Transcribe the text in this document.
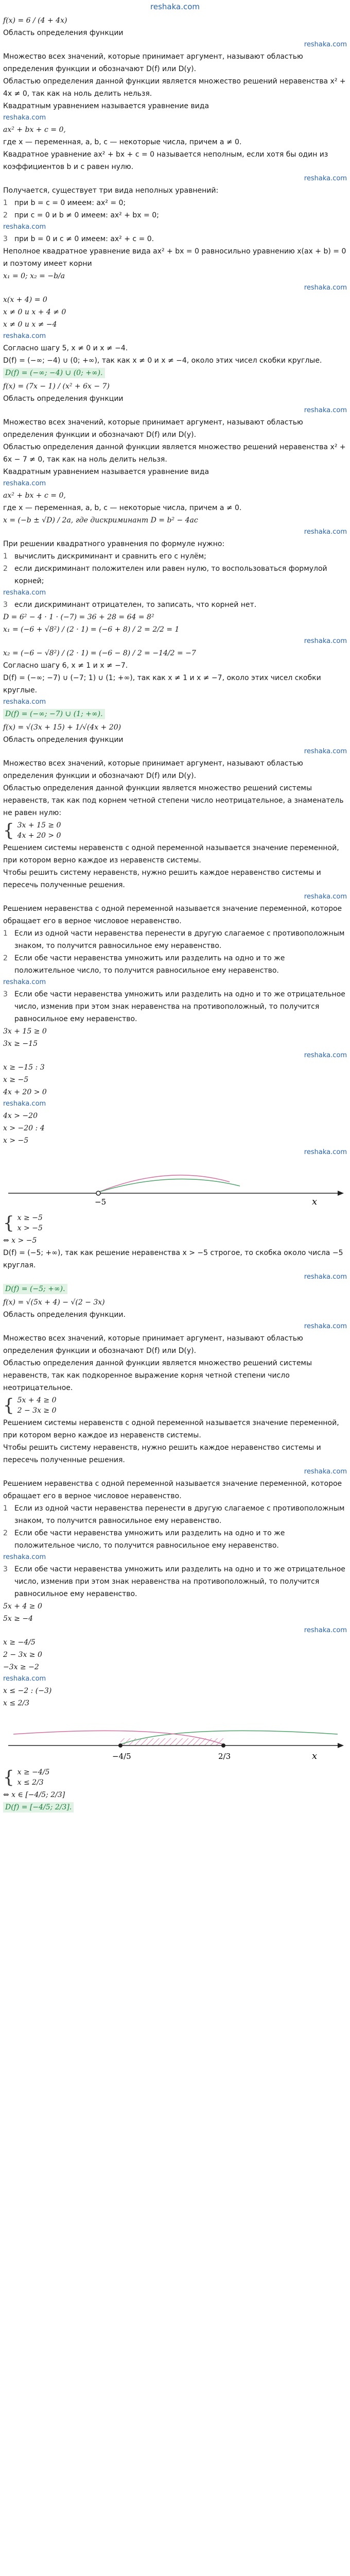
reshaka.com
f(x) = 6 / (4 + 4x)
Область определения функции
reshaka.com
Множество всех значений, которые принимает аргумент, называют областью определения функции и обозначают D(f) или D(y).
Областью определения данной функции является множество решений неравенства x² + 4x ≠ 0, так как на ноль делить нельзя.
Квадратным уравнением называется уравнение вида
reshaka.com
ax² + bx + c = 0,
где x — переменная, a, b, c — некоторые числа, причем a ≠ 0.
Квадратное уравнение ax² + bx + c = 0 называется неполным, если хотя бы один из коэффициентов b и c равен нулю.
reshaka.com
Получается, существует три вида неполных уравнений:
1 при b = c = 0 имеем: ax² = 0;
2 при c = 0 и b ≠ 0 имеем: ax² + bx = 0;
reshaka.com
3 при b = 0 и c ≠ 0 имеем: ax² + c = 0.
Неполное квадратное уравнение вида ax² + bx = 0 равносильно уравнению x(ax + b) = 0 и поэтому имеет корни
x₁ = 0; x₂ = −b/a
reshaka.com
x(x + 4) = 0
x ≠ 0 и x + 4 ≠ 0
x ≠ 0 и x ≠ −4
reshaka.com
Согласно шагу 5, x ≠ 0 и x ≠ −4.
D(f) = (−∞; −4) ∪ (0; +∞), так как x ≠ 0 и x ≠ −4, около этих чисел скобки круглые.
D(f) = (−∞; −4) ∪ (0; +∞).
f(x) = (7x − 1) / (x² + 6x − 7)
Область определения функции
reshaka.com
Множество всех значений, которые принимает аргумент, называют областью определения функции и обозначают D(f) или D(y).
Областью определения данной функции является множество решений неравенства x² + 6x − 7 ≠ 0, так как на ноль делить нельзя.
Квадратным уравнением называется уравнение вида
reshaka.com
ax² + bx + c = 0,
где x — переменная, a, b, c — некоторые числа, причем a ≠ 0.
x = (−b ± √D) / 2a, где дискриминант D = b² − 4ac
reshaka.com
При решении квадратного уравнения по формуле нужно:
1 вычислить дискриминант и сравнить его с нулём;
2 если дискриминант положителен или равен нулю, то воспользоваться формулой корней;
reshaka.com
3 если дискриминант отрицателен, то записать, что корней нет.
D = 6² − 4 · 1 · (−7) = 36 + 28 = 64 = 8²
x₁ = (−6 + √8²) / (2 · 1) = (−6 + 8) / 2 = 2/2 = 1
reshaka.com
x₂ = (−6 − √8²) / (2 · 1) = (−6 − 8) / 2 = −14/2 = −7
Согласно шагу 6, x ≠ 1 и x ≠ −7.
D(f) = (−∞; −7) ∪ (−7; 1) ∪ (1; +∞), так как x ≠ 1 и x ≠ −7, около этих чисел скобки круглые.
reshaka.com
D(f) = (−∞; −7) ∪ (1; +∞).
f(x) = √(3x + 15) + 1/√(4x + 20)
Область определения функции
reshaka.com
Множество всех значений, которые принимает аргумент, называют областью определения функции и обозначают D(f) или D(y).
Областью определения данной функции является множество решений системы неравенств, так как под корнем четной степени число неотрицательное, а знаменатель не равен нулю:
{ 3x + 15 ≥ 0
4x + 20 > 0
Решением системы неравенств с одной переменной называется значение переменной, при котором верно каждое из неравенств системы.
Чтобы решить систему неравенств, нужно решить каждое неравенство системы и пересечь полученные решения.
reshaka.com
Решением неравенства с одной переменной называется значение переменной, которое обращает его в верное числовое неравенство.
1 Если из одной части неравенства перенести в другую слагаемое с противоположным знаком, то получится равносильное ему неравенство.
2 Если обе части неравенства умножить или разделить на одно и то же положительное число, то получится равносильное ему неравенство.
reshaka.com
3 Если обе части неравенства умножить или разделить на одно и то же отрицательное число, изменив при этом знак неравенства на противоположный, то получится равносильное ему неравенство.
3x + 15 ≥ 0
3x ≥ −15
reshaka.com
x ≥ −15 : 3
x ≥ −5
4x + 20 > 0
reshaka.com
4x > −20
x > −20 : 4
x > −5
reshaka.com
−5	x
{ x ≥ −5
x > −5
⇔ x > −5
D(f) = (−5; +∞), так как решение неравенства x > −5 строгое, то скобка около числа −5 круглая.
reshaka.com
D(f) = (−5; +∞).
f(x) = √(5x + 4) − √(2 − 3x)
Область определения функции.
reshaka.com
Множество всех значений, которые принимает аргумент, называют областью определения функции и обозначают D(f) или D(y).
Областью определения данной функции является множество решений системы неравенств, так как подкоренное выражение корня четной степени число неотрицательное.
{ 5x + 4 ≥ 0
2 − 3x ≥ 0
Решением системы неравенств с одной переменной называется значение переменной, при котором верно каждое из неравенств системы.
Чтобы решить систему неравенств, нужно решить каждое неравенство системы и пересечь полученные решения.
reshaka.com
Решением неравенства с одной переменной называется значение переменной, которое обращает его в верное числовое неравенство.
1 Если из одной части неравенства перенести в другую слагаемое с противоположным знаком, то получится равносильное ему неравенство.
2 Если обе части неравенства умножить или разделить на одно и то же положительное число, то получится равносильное ему неравенство.
reshaka.com
3 Если обе части неравенства умножить или разделить на одно и то же отрицательное число, изменив при этом знак неравенства на противоположный, то получится равносильное ему неравенство.
5x + 4 ≥ 0
5x ≥ −4
reshaka.com
x ≥ −4/5
2 − 3x ≥ 0
−3x ≥ −2
reshaka.com
x ≤ −2 : (−3)
x ≤ 2/3
−4/5	2/3	x
{ x ≥ −4/5
x ≤ 2/3
⇔ x ∈ [−4/5; 2/3]
D(f) = [−4/5; 2/3].
